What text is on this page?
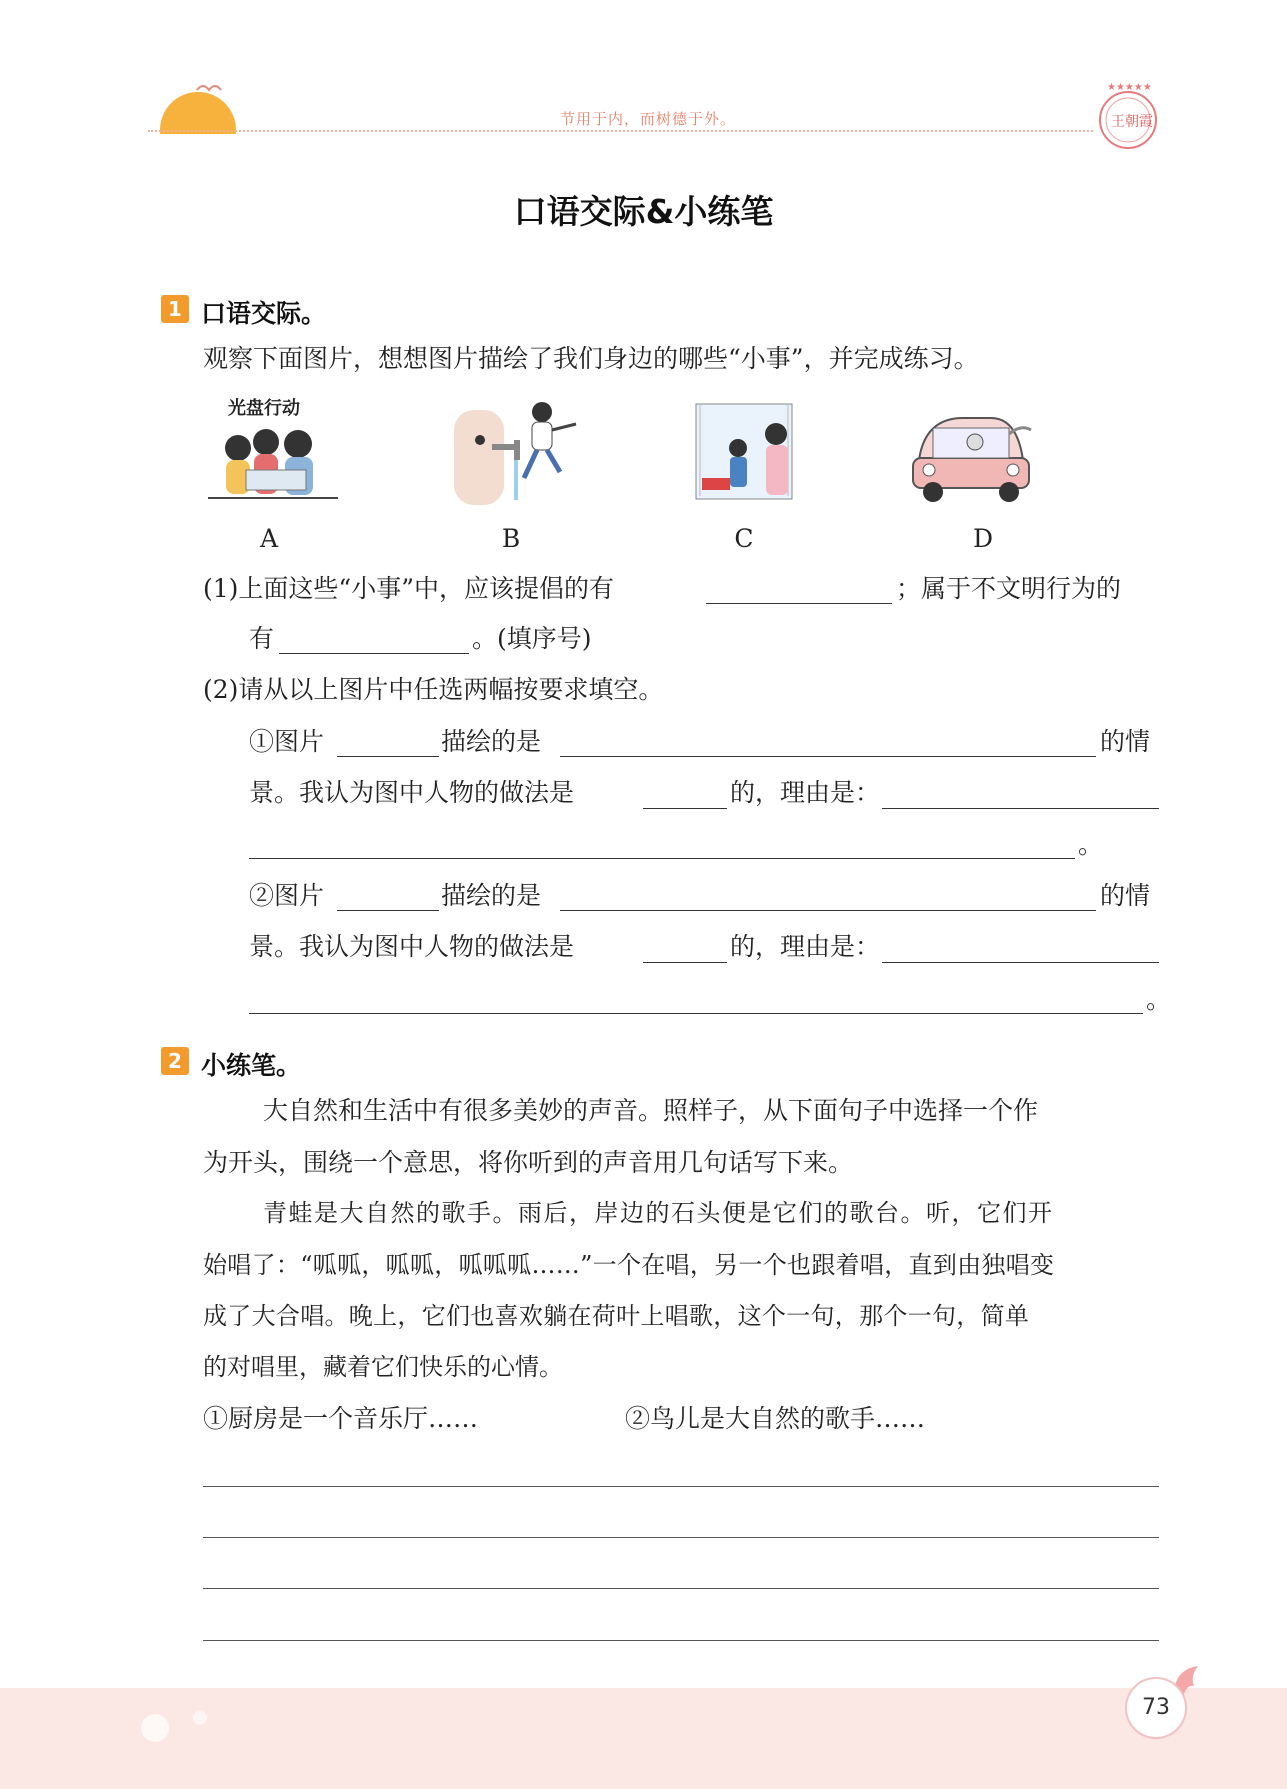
节用于内，而树德于外。
★★★★★
王朝霞
口语交际&小练笔
1 口语交际。
观察下面图片，想想图片描绘了我们身边的哪些“小事”，并完成练习。
光盘行动
A	B	C	D
(1)上面这些“小事”中，应该提倡的有	；属于不文明行为的
有	。(填序号)
(2)请从以上图片中任选两幅按要求填空。
①图片	描绘的是	的情
景。我认为图中人物的做法是	的，理由是：
。
②图片	描绘的是	的情
景。我认为图中人物的做法是	的，理由是：
。
2 小练笔。
大自然和生活中有很多美妙的声音。照样子，从下面句子中选择一个作
为开头，围绕一个意思，将你听到的声音用几句话写下来。
青蛙是大自然的歌手。雨后，岸边的石头便是它们的歌台。听，它们开
始唱了：“呱呱，呱呱，呱呱呱……”一个在唱，另一个也跟着唱，直到由独唱变
成了大合唱。晚上，它们也喜欢躺在荷叶上唱歌，这个一句，那个一句，简单
的对唱里，藏着它们快乐的心情。
①厨房是一个音乐厅……	②鸟儿是大自然的歌手……
73
